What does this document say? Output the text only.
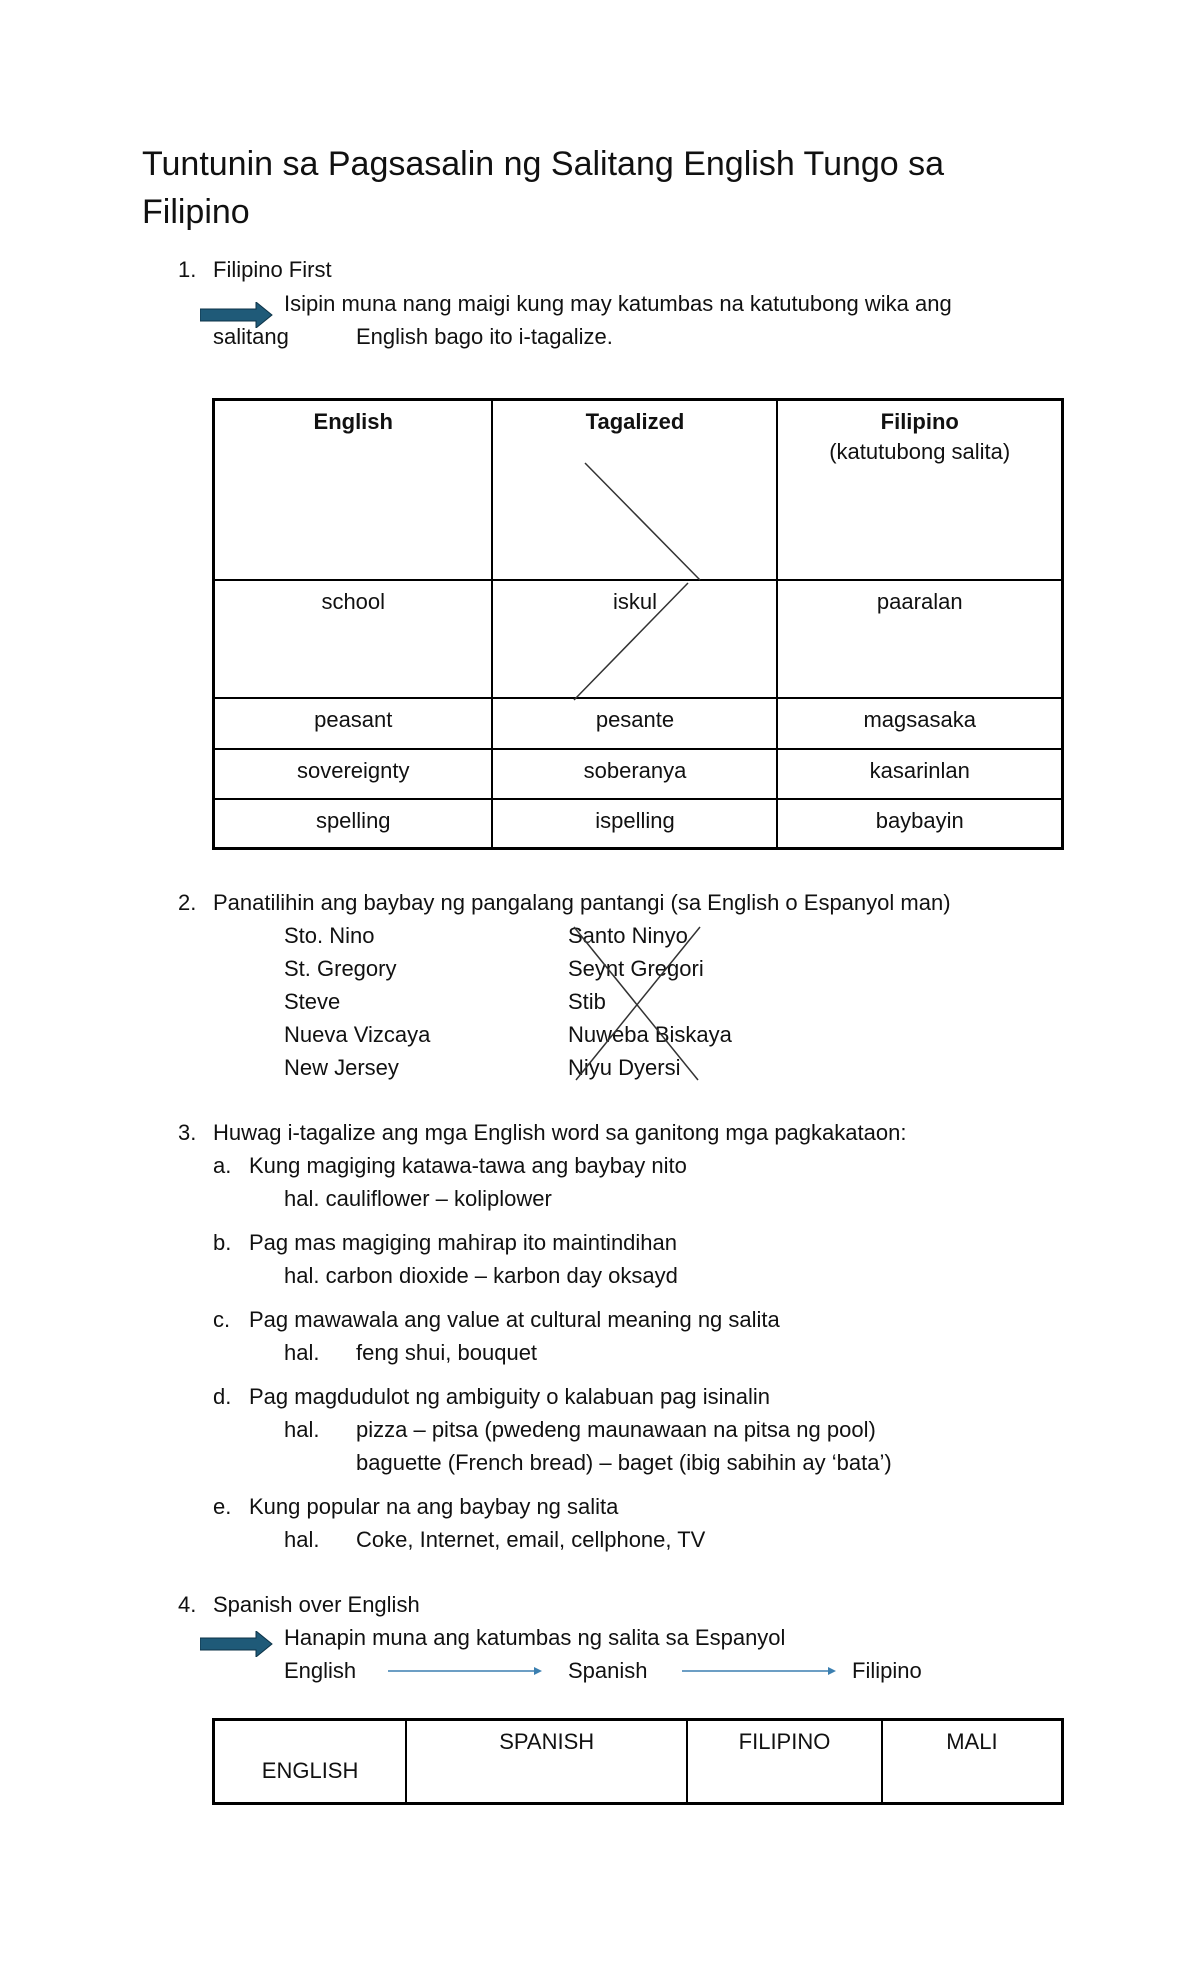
Tuntunin sa Pagsasalin ng Salitang English Tungo sa
Filipino
1. Filipino First
Isipin muna nang maigi kung may katumbas na katutubong wika ang
salitang	English bago ito i-tagalize.
English	Tagalized	Filipino
(katutubong salita)

school	iskul	paaralan
peasant	pesante	magsasaka
sovereignty	soberanya	kasarinlan
spelling	ispelling	baybayin
2. Panatilihin ang baybay ng pangalang pantangi (sa English o Espanyol man)
Sto. Nino	Santo Ninyo
St. Gregory	Seynt Gregori
Steve	Stib
Nueva Vizcaya	Nuweba Biskaya
New Jersey	Niyu Dyersi
3. Huwag i-tagalize ang mga English word sa ganitong mga pagkakataon:
a. Kung magiging katawa-tawa ang baybay nito
hal. cauliflower – koliplower
b. Pag mas magiging mahirap ito maintindihan
hal. carbon dioxide – karbon day oksayd
c. Pag mawawala ang value at cultural meaning ng salita
hal. feng shui, bouquet
d. Pag magdudulot ng ambiguity o kalabuan pag isinalin
hal. pizza – pitsa (pwedeng maunawaan na pitsa ng pool)
baguette (French bread) – baget (ibig sabihin ay ‘bata’)
e. Kung popular na ang baybay ng salita
hal. Coke, Internet, email, cellphone, TV
4. Spanish over English
Hanapin muna ang katumbas ng salita sa Espanyol
English	Spanish	Filipino
ENGLISH	SPANISH	FILIPINO	MALI
